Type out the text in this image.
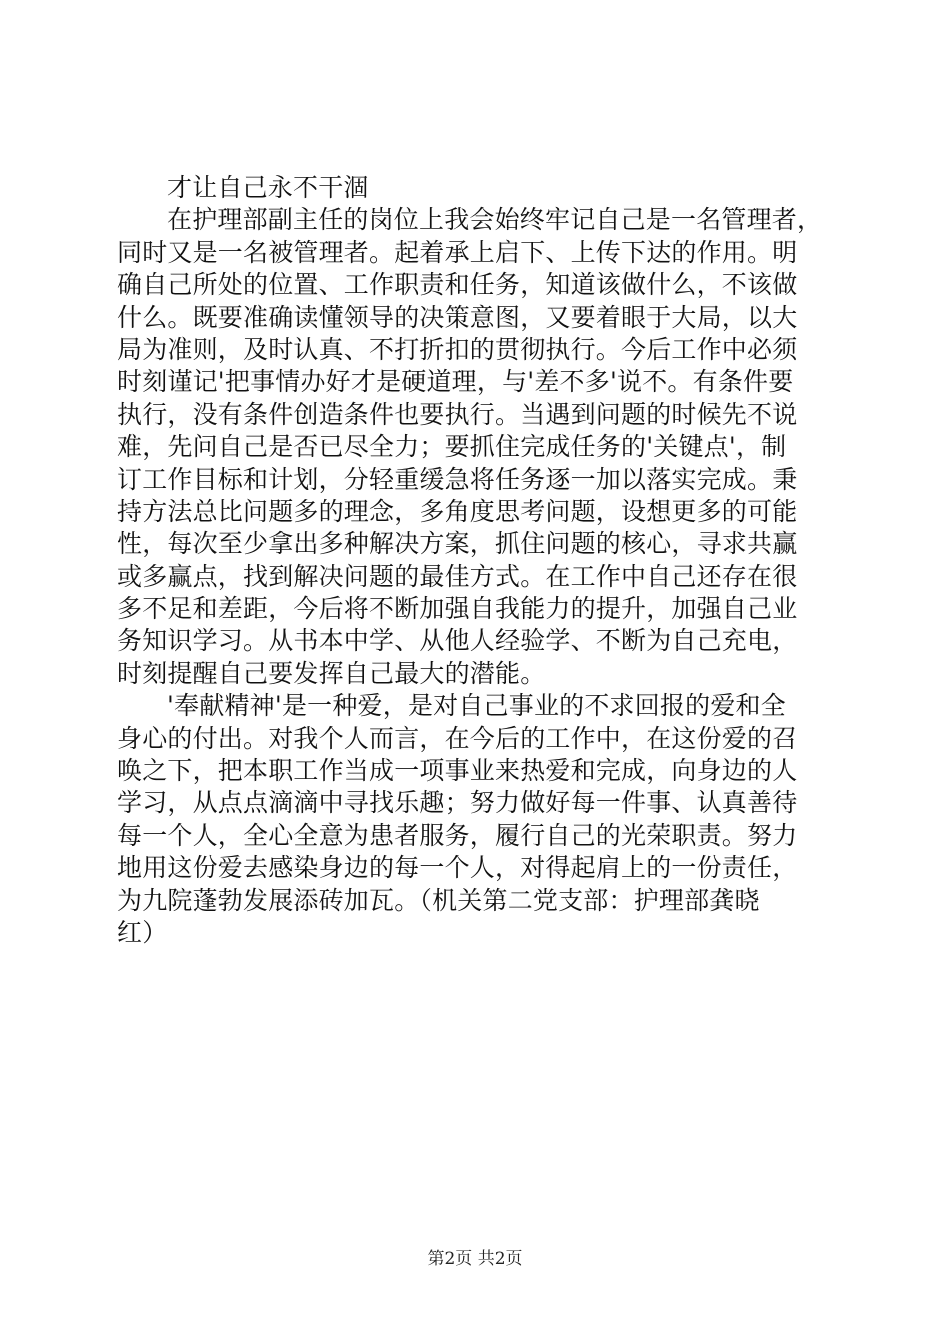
才让自己永不干涸
在护理部副主任的岗位上我会始终牢记自己是一名管理者，
同时又是一名被管理者。起着承上启下、上传下达的作用。明
确自己所处的位置、工作职责和任务，知道该做什么，不该做
什么。既要准确读懂领导的决策意图，又要着眼于大局，以大
局为准则，及时认真、不打折扣的贯彻执行。今后工作中必须
时刻谨记'把事情办好才是硬道理，与'差不多'说不。有条件要
执行，没有条件创造条件也要执行。当遇到问题的时候先不说
难，先问自己是否已尽全力；要抓住完成任务的'关键点'，制
订工作目标和计划，分轻重缓急将任务逐一加以落实完成。秉
持方法总比问题多的理念，多角度思考问题，设想更多的可能
性，每次至少拿出多种解决方案，抓住问题的核心，寻求共赢
或多赢点，找到解决问题的最佳方式。在工作中自己还存在很
多不足和差距，今后将不断加强自我能力的提升，加强自己业
务知识学习。从书本中学、从他人经验学、不断为自己充电，
时刻提醒自己要发挥自己最大的潜能。
'奉献精神'是一种爱，是对自己事业的不求回报的爱和全
身心的付出。对我个人而言，在今后的工作中，在这份爱的召
唤之下，把本职工作当成一项事业来热爱和完成，向身边的人
学习，从点点滴滴中寻找乐趣；努力做好每一件事、认真善待
每一个人，全心全意为患者服务，履行自己的光荣职责。努力
地用这份爱去感染身边的每一个人，对得起肩上的一份责任，
为九院蓬勃发展添砖加瓦。（机关第二党支部：护理部龚晓
红）
第2页 共2页
